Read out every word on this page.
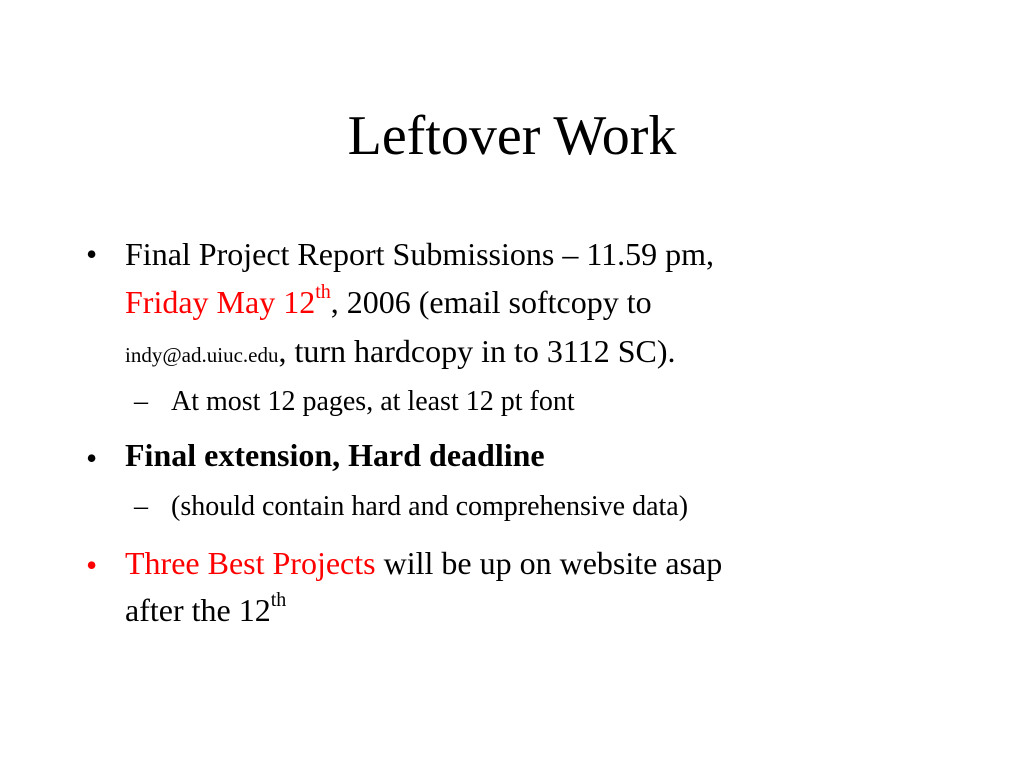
Leftover Work
• Final Project Report Submissions – 11.59 pm,
Friday May 12th, 2006 (email softcopy to
indy@ad.uiuc.edu, turn hardcopy in to 3112 SC).
– At most 12 pages, at least 12 pt font
• Final extension, Hard deadline
– (should contain hard and comprehensive data)
• Three Best Projects will be up on website asap
after the 12th
